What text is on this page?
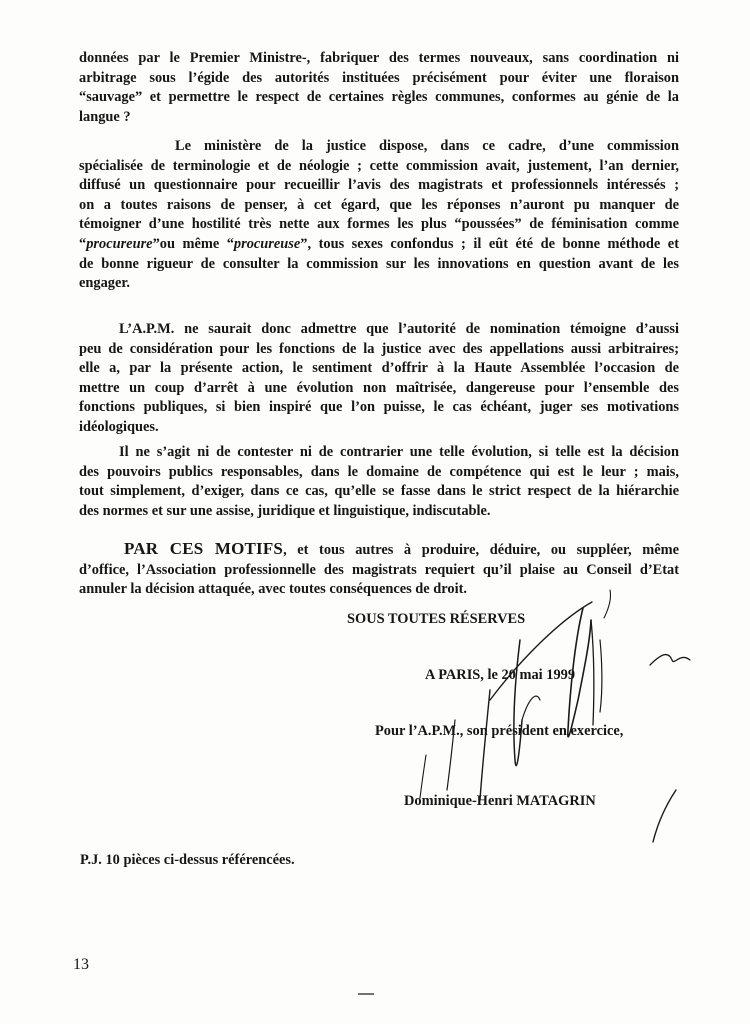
données par le Premier Ministre-, fabriquer des termes nouveaux, sans coordination ni
arbitrage sous l’égide des autorités instituées précisément pour éviter une floraison
“sauvage” et permettre le respect de certaines règles communes, conformes au génie de la
langue ?

Le ministère de la justice dispose, dans ce cadre, d’une commission
spécialisée de terminologie et de néologie ; cette commission avait, justement, l’an dernier,
diffusé un questionnaire pour recueillir l’avis des magistrats et professionnels intéressés ;
on a toutes raisons de penser, à cet égard, que les réponses n’auront pu manquer de
témoigner d’une hostilité très nette aux formes les plus “poussées” de féminisation comme
“procureure”ou même “procureuse”, tous sexes confondus ; il eût été de bonne méthode et
de bonne rigueur de consulter la commission sur les innovations en question avant de les
engager.

L’A.P.M. ne saurait donc admettre que l’autorité de nomination témoigne d’aussi
peu de considération pour les fonctions de la justice avec des appellations aussi arbitraires;
elle a, par la présente action, le sentiment d’offrir à la Haute Assemblée l’occasion de
mettre un coup d’arrêt à une évolution non maîtrisée, dangereuse pour l’ensemble des
fonctions publiques, si bien inspiré que l’on puisse, le cas échéant, juger ses motivations
idéologiques.

Il ne s’agit ni de contester ni de contrarier une telle évolution, si telle est la décision
des pouvoirs publics responsables, dans le domaine de compétence qui est le leur ; mais,
tout simplement, d’exiger, dans ce cas, qu’elle se fasse dans le strict respect de la hiérarchie
des normes et sur une assise, juridique et linguistique, indiscutable.

PAR CES MOTIFS, et tous autres à produire, déduire, ou suppléer, même
d’office, l’Association professionnelle des magistrats requiert qu’il plaise au Conseil d’Etat
annuler la décision attaquée, avec toutes conséquences de droit.

SOUS TOUTES RÉSERVES
A PARIS, le 20 mai 1999
Pour l’A.P.M., son président en exercice,
Dominique-Henri MATAGRIN
P.J. 10 pièces ci-dessus référencées.
13
